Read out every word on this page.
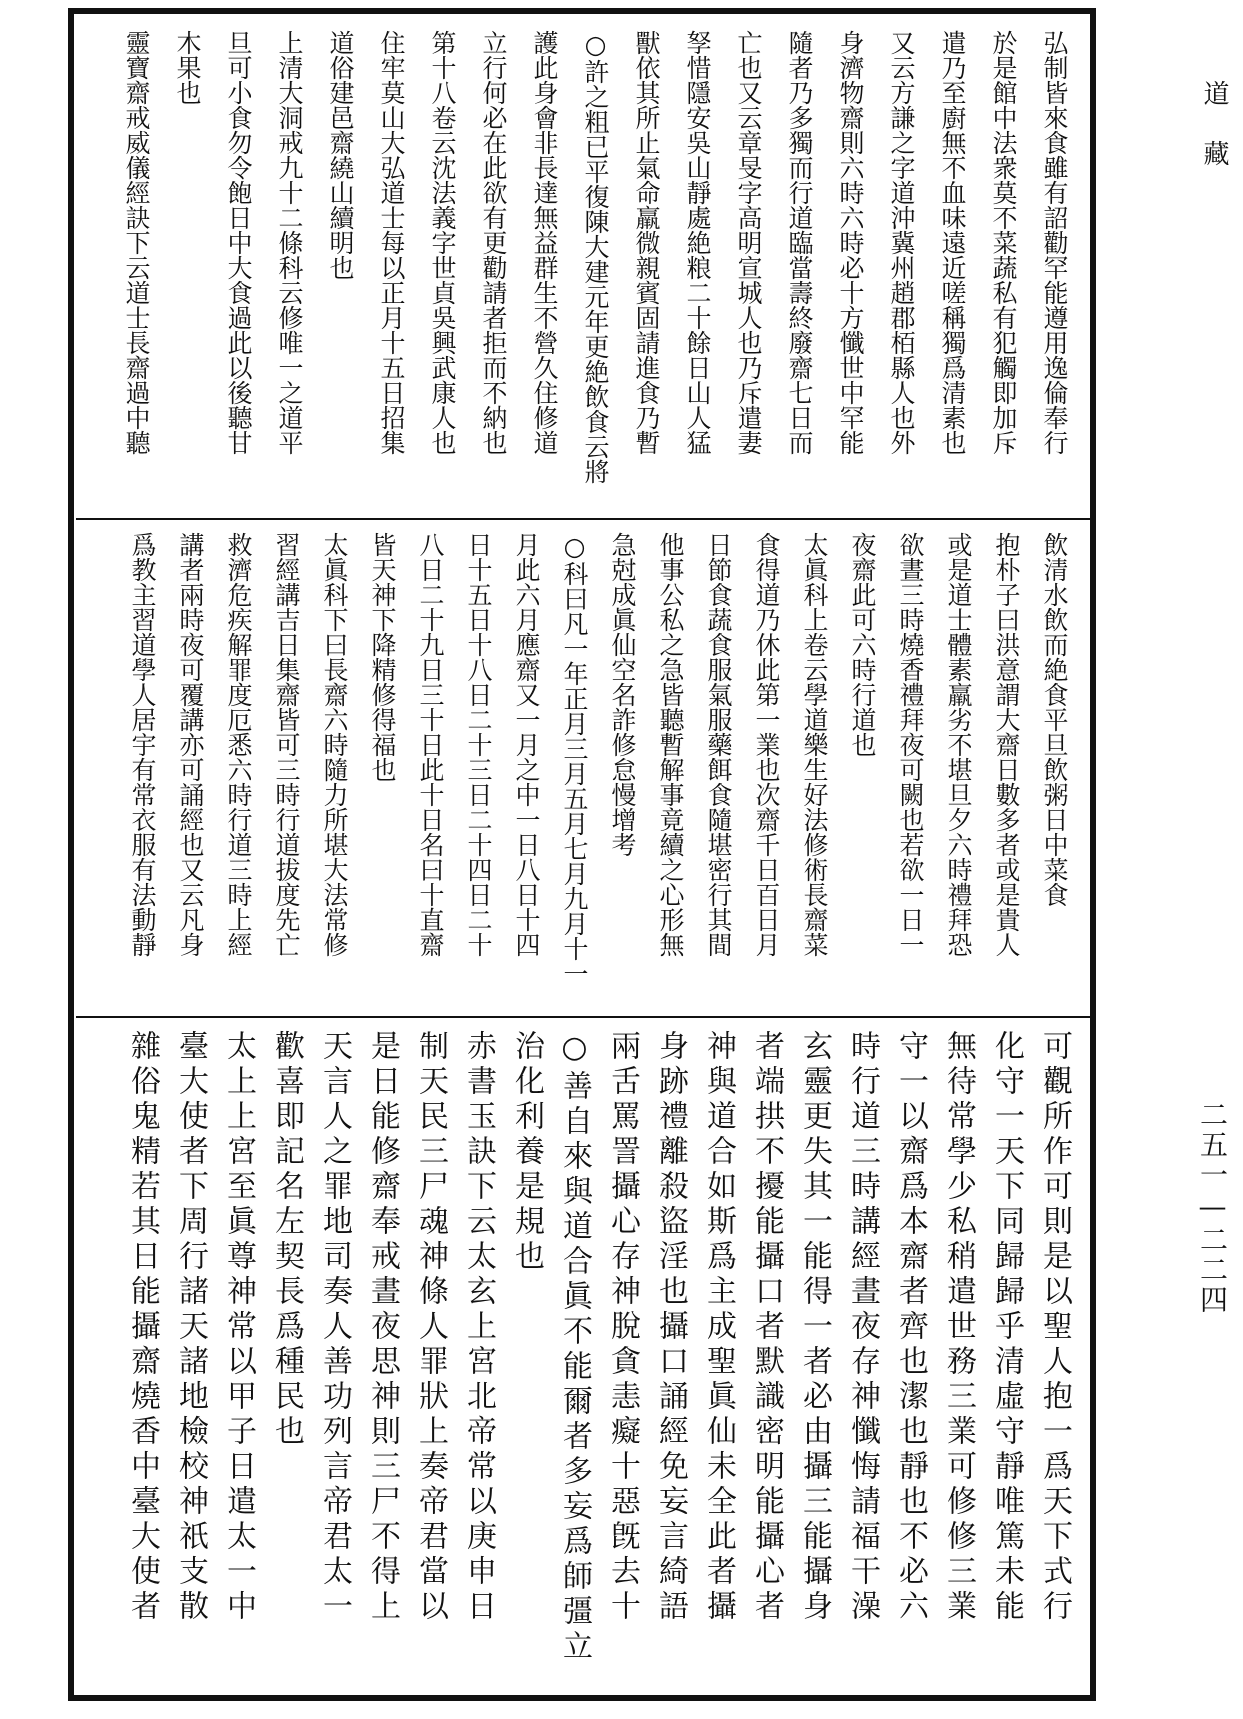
弘制皆來食雖有詔勸罕能遵用逸倫奉行
於是館中法衆莫不菜蔬私有犯觸即加斥
遣乃至廚無不血味遠近嗟稱獨爲清素也
又云方謙之字道沖冀州趙郡栢縣人也外
身濟物齋則六時六時必十方懺世中罕能
隨者乃多獨而行道臨當壽終廢齋七日而
亡也又云章旻字高明宣城人也乃斥遣妻
孥惜隱安吳山靜處絶粮二十餘日山人猛
獸依其所止氣命羸微親賓固請進食乃暫
○許之粗已平復陳大建元年更絶飲食云將
護此身會非長達無益群生不營久住修道
立行何必在此欲有更勸請者拒而不納也
第十八卷云沈法義字世貞吳興武康人也
住牢莫山大弘道士每以正月十五日招集
道俗建邑齋繞山續明也
上清大洞戒九十二條科云修唯一之道平
旦可小食勿令飽日中大食過此以後聽甘
木果也
靈寶齋戒威儀經訣下云道士長齋過中聽
飲清水飲而絶食平旦飲粥日中菜食
抱朴子曰洪意謂大齋日數多者或是貴人
或是道士體素羸劣不堪旦夕六時禮拜恐
欲晝三時燒香禮拜夜可闕也若欲一日一
夜齋此可六時行道也
太眞科上卷云學道樂生好法修術長齋菜
食得道乃休此第一業也次齋千日百日月
日節食蔬食服氣服藥餌食隨堪密行其間
他事公私之急皆聽暫解事竟續之心形無
急尅成眞仙空名詐修怠慢增考
○科曰凡一年正月三月五月七月九月十一
月此六月應齋又一月之中一日八日十四
日十五日十八日二十三日二十四日二十
八日二十九日三十日此十日名曰十直齋
皆天神下降精修得福也
太眞科下曰長齋六時隨力所堪大法常修
習經講吉日集齋皆可三時行道拔度先亡
救濟危疾解罪度厄悉六時行道三時上經
講者兩時夜可覆講亦可誦經也又云凡身
爲教主習道學人居宇有常衣服有法動靜
可觀所作可則是以聖人抱一爲天下式行
化守一天下同歸歸乎清虛守靜唯篤未能
無待常學少私稍遣世務三業可修修三業
守一以齋爲本齋者齊也潔也靜也不必六
時行道三時講經晝夜存神懺悔請福干澡
玄靈更失其一能得一者必由攝三能攝身
者端拱不擾能攝口者默識密明能攝心者
神與道合如斯爲主成聖眞仙未全此者攝
身跡禮離殺盜淫也攝口誦經免妄言綺語
兩舌罵詈攝心存神脫貪恚癡十惡旣去十
○善自來與道合眞不能爾者多妄爲師彊立
治化利養是規也
赤書玉訣下云太玄上宮北帝常以庚申日
制天民三尸魂神條人罪狀上奏帝君當以
是日能修齋奉戒晝夜思神則三尸不得上
天言人之罪地司奏人善功列言帝君太一
歡喜即記名左契長爲種民也
太上上宮至眞尊神常以甲子日遣太一中
臺大使者下周行諸天諸地檢校神祇支散
雜俗鬼精若其日能攝齋燒香中臺大使者
道藏
二五一—二二四
